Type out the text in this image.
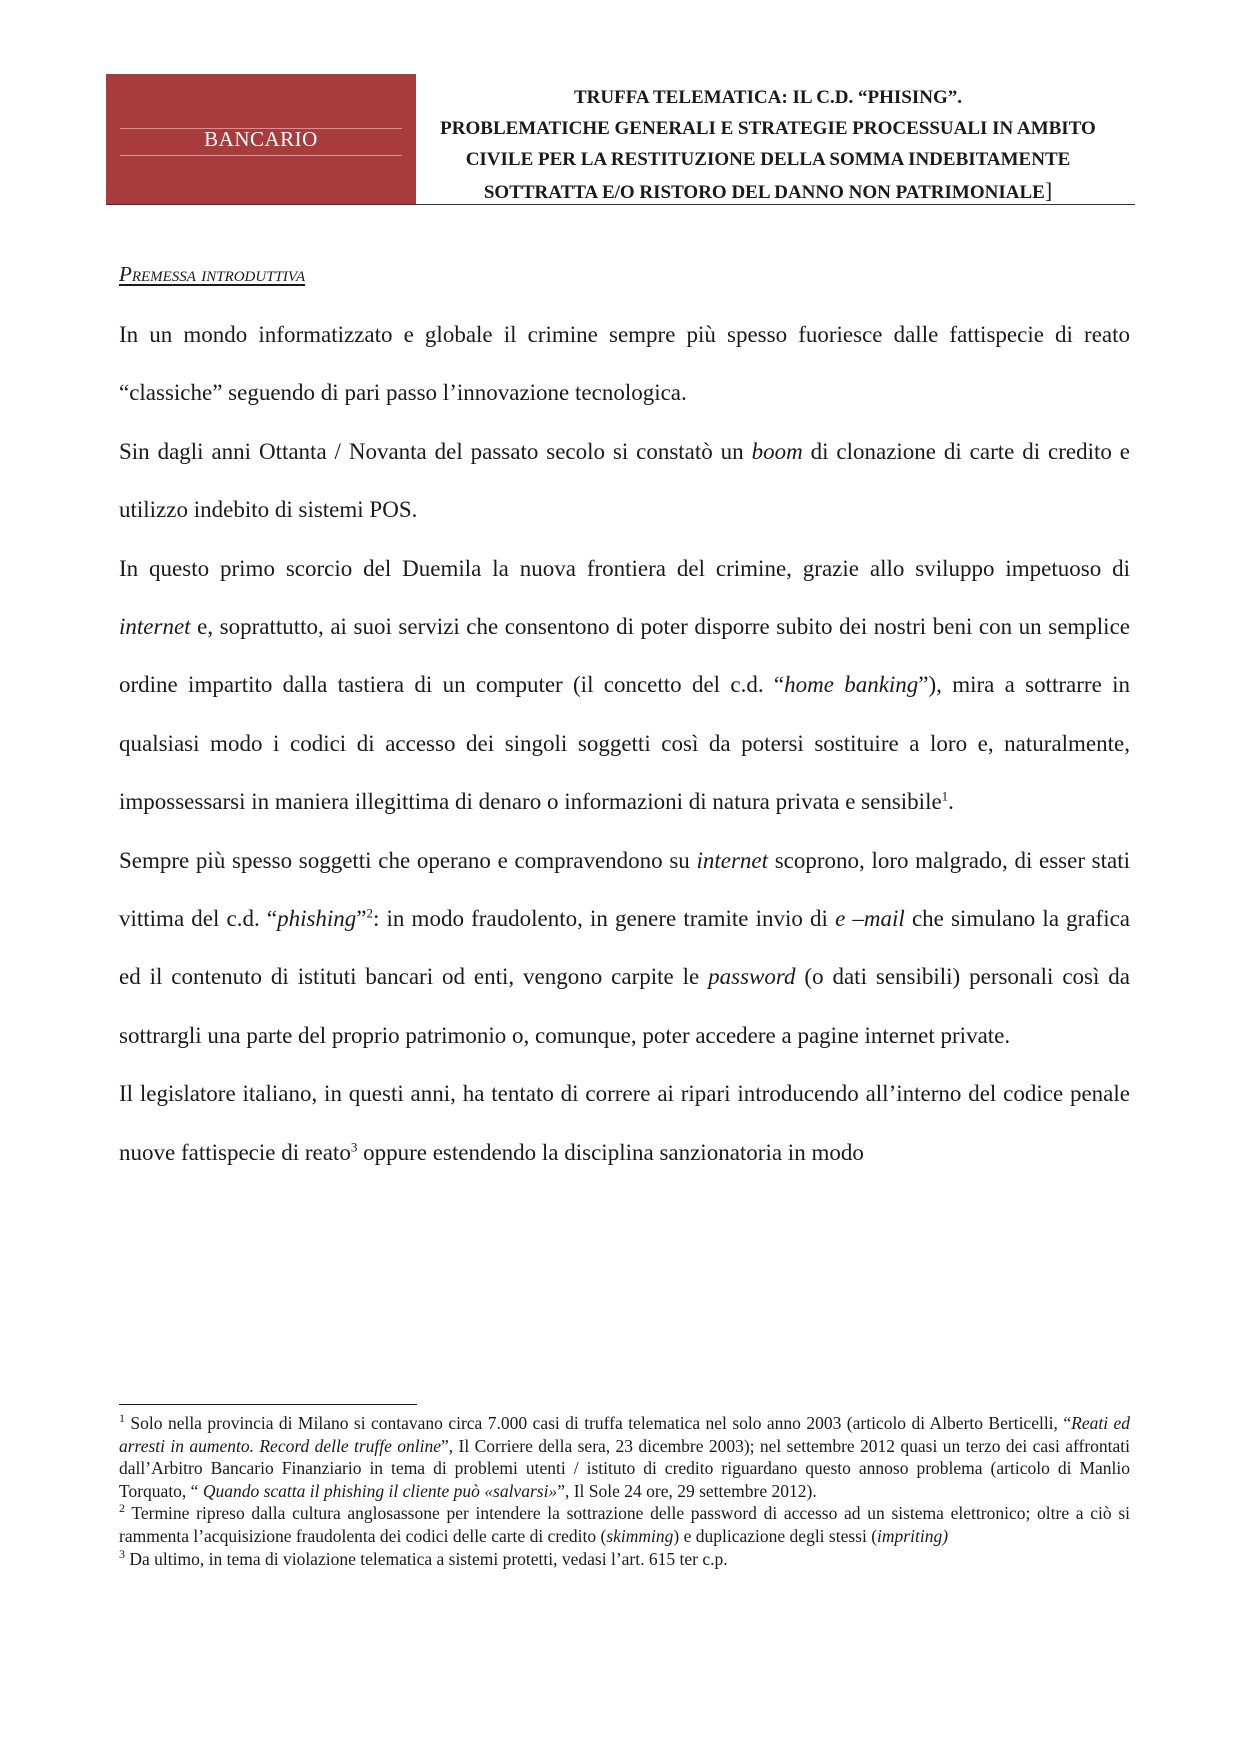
BANCARIO
TRUFFA TELEMATICA: IL C.D. “PHISING”.
PROBLEMATICHE GENERALI E STRATEGIE PROCESSUALI IN AMBITO
CIVILE PER LA RESTITUZIONE DELLA SOMMA INDEBITAMENTE
SOTTRATTA E/O RISTORO DEL DANNO NON PATRIMONIALE]
Premessa introduttiva

In un mondo informatizzato e globale il crimine sempre più spesso fuoriesce dalle fattispecie di reato “classiche” seguendo di pari passo l’innovazione tecnologica.

Sin dagli anni Ottanta / Novanta del passato secolo si constatò un boom di clonazione di carte di credito e utilizzo indebito di sistemi POS.

In questo primo scorcio del Duemila la nuova frontiera del crimine, grazie allo sviluppo impetuoso di internet e, soprattutto, ai suoi servizi che consentono di poter disporre subito dei nostri beni con un semplice ordine impartito dalla tastiera di un computer (il concetto del c.d. “home banking”), mira a sottrarre in qualsiasi modo i codici di accesso dei singoli soggetti così da potersi sostituire a loro e, naturalmente, impossessarsi in maniera illegittima di denaro o informazioni di natura privata e sensibile$^1$.

Sempre più spesso soggetti che operano e compravendono su internet scoprono, loro malgrado, di esser stati vittima del c.d. “phishing”$^2$: in modo fraudolento, in genere tramite invio di e –mail che simulano la grafica ed il contenuto di istituti bancari od enti, vengono carpite le password (o dati sensibili) personali così da sottrargli una parte del proprio patrimonio o, comunque, poter accedere a pagine internet private.

Il legislatore italiano, in questi anni, ha tentato di correre ai ripari introducendo all’interno del codice penale nuove fattispecie di reato$^3$ oppure estendendo la disciplina sanzionatoria in modo

$^1$ Solo nella provincia di Milano si contavano circa 7.000 casi di truffa telematica nel solo anno 2003 (articolo di Alberto Berticelli, “Reati ed arresti in aumento. Record delle truffe online”, Il Corriere della sera, 23 dicembre 2003); nel settembre 2012 quasi un terzo dei casi affrontati dall’Arbitro Bancario Finanziario in tema di problemi utenti / istituto di credito riguardano questo annoso problema (articolo di Manlio Torquato, “ Quando scatta il phishing il cliente può «salvarsi»”, Il Sole 24 ore, 29 settembre 2012).

$^2$ Termine ripreso dalla cultura anglosassone per intendere la sottrazione delle password di accesso ad un sistema elettronico; oltre a ciò si rammenta l’acquisizione fraudolenta dei codici delle carte di credito (skimming) e duplicazione degli stessi (impriting)

$^3$ Da ultimo, in tema di violazione telematica a sistemi protetti, vedasi l’art. 615 ter c.p.
